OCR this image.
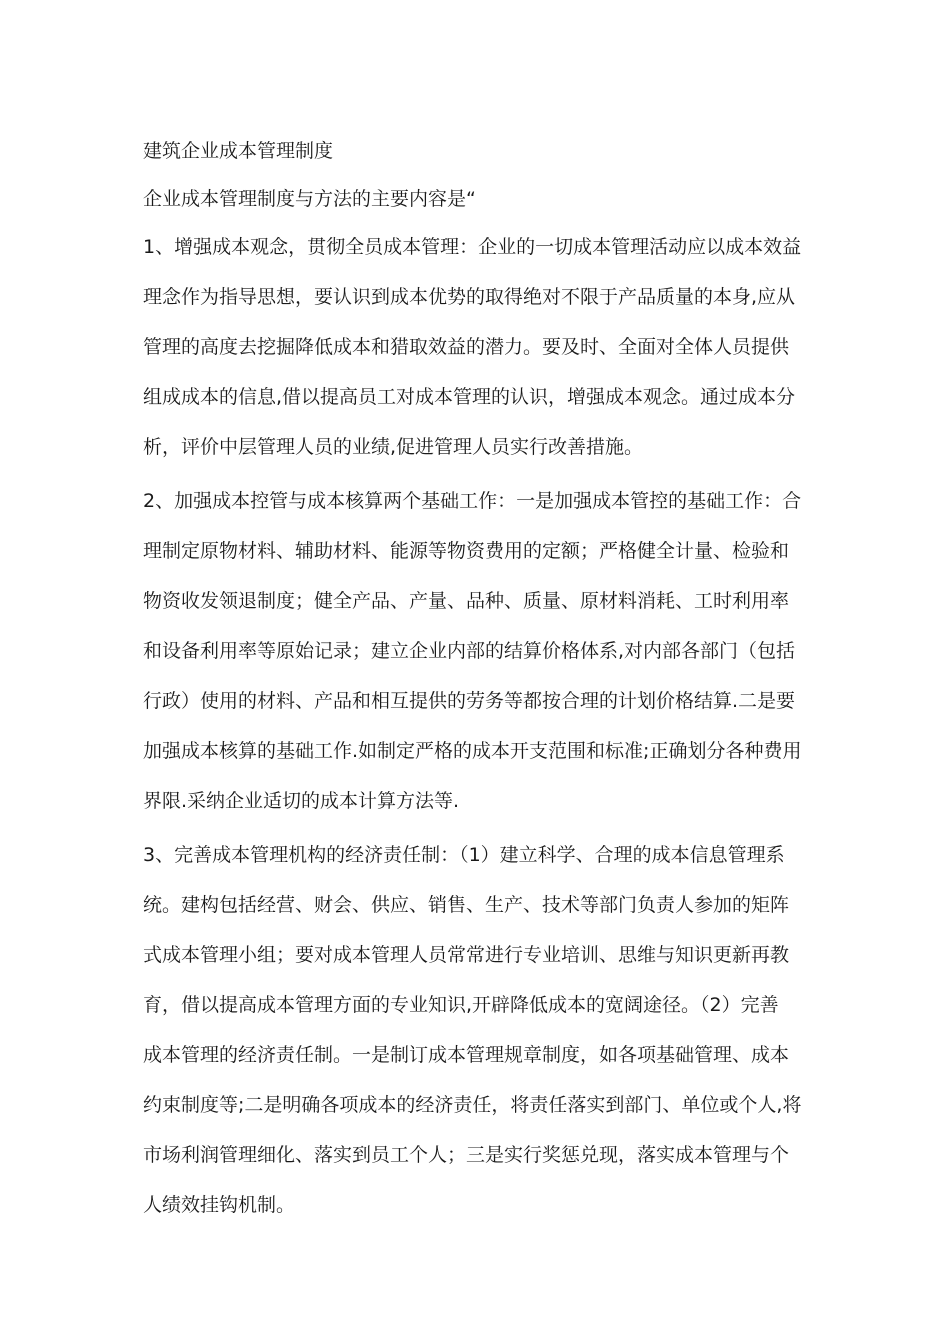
建筑企业成本管理制度
企业成本管理制度与方法的主要内容是“
1、增强成本观念，贯彻全员成本管理：企业的一切成本管理活动应以成本效益
理念作为指导思想，要认识到成本优势的取得绝对不限于产品质量的本身,应从
管理的高度去挖掘降低成本和猎取效益的潜力。要及时、全面对全体人员提供
组成成本的信息,借以提高员工对成本管理的认识，增强成本观念。通过成本分
析，评价中层管理人员的业绩,促进管理人员实行改善措施。
2、加强成本控管与成本核算两个基础工作：一是加强成本管控的基础工作：合
理制定原物材料、辅助材料、能源等物资费用的定额；严格健全计量、检验和
物资收发领退制度；健全产品、产量、品种、质量、原材料消耗、工时利用率
和设备利用率等原始记录；建立企业内部的结算价格体系,对内部各部门（包括
行政）使用的材料、产品和相互提供的劳务等都按合理的计划价格结算.二是要
加强成本核算的基础工作.如制定严格的成本开支范围和标准;正确划分各种费用
界限.采纳企业适切的成本计算方法等.
3、完善成本管理机构的经济责任制：（1）建立科学、合理的成本信息管理系
统。建构包括经营、财会、供应、销售、生产、技术等部门负责人参加的矩阵
式成本管理小组；要对成本管理人员常常进行专业培训、思维与知识更新再教
育，借以提高成本管理方面的专业知识,开辟降低成本的宽阔途径。（2）完善
成本管理的经济责任制。一是制订成本管理规章制度，如各项基础管理、成本
约束制度等;二是明确各项成本的经济责任，将责任落实到部门、单位或个人,将
市场利润管理细化、落实到员工个人；三是实行奖惩兑现，落实成本管理与个
人绩效挂钩机制。
